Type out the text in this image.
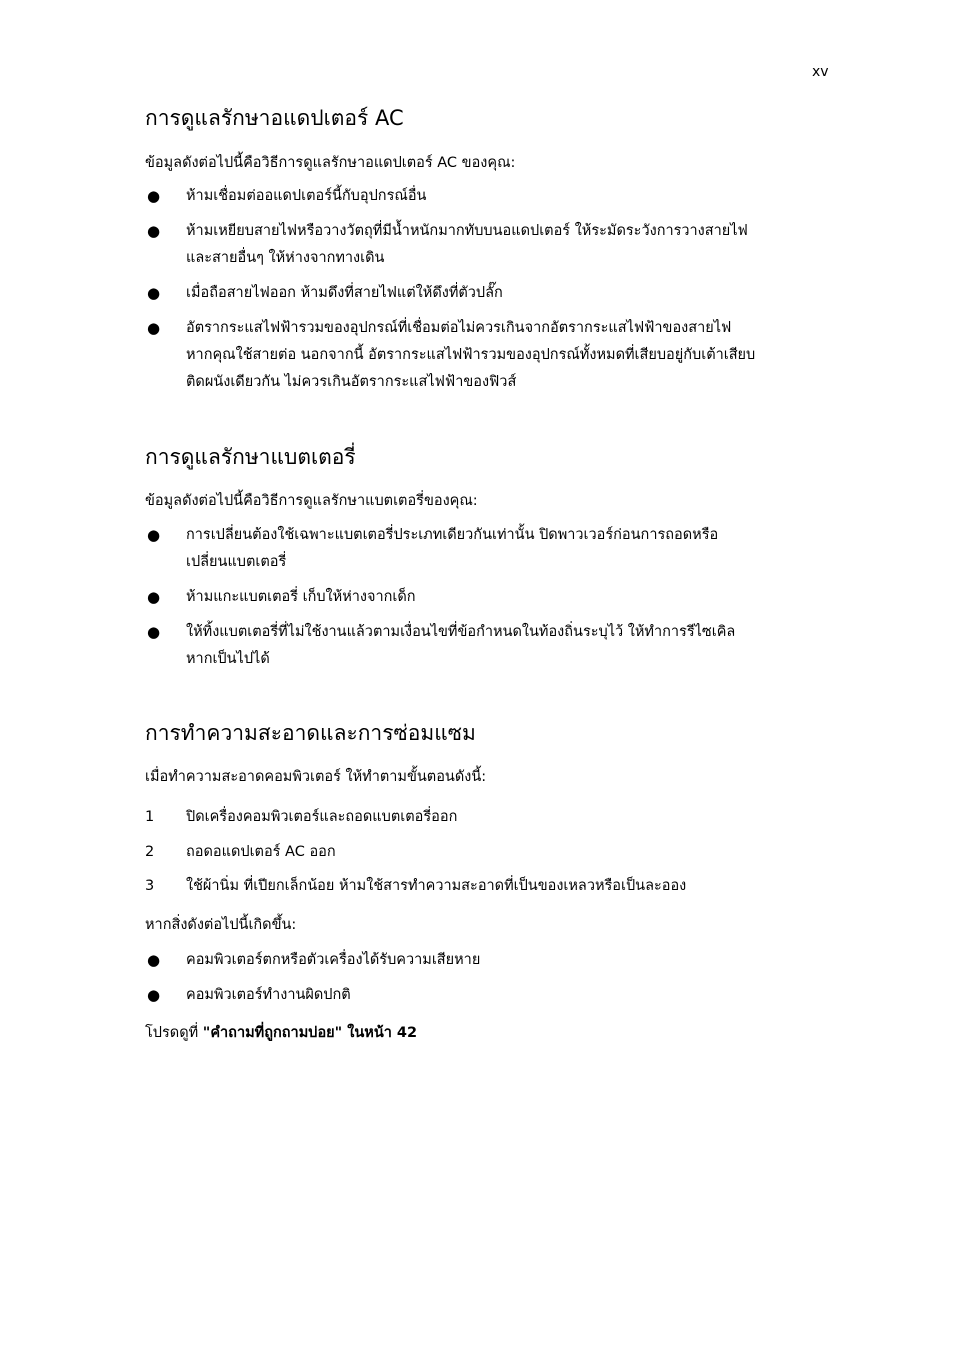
xv
การดูแลรักษาอแดปเตอร์ AC

ข้อมูลดังต่อไปนี้คือวิธีการดูแลรักษาอแดปเตอร์ AC ของคุณ:

●	ห้ามเชื่อมต่ออแดปเตอร์นี้กับอุปกรณ์อื่น
●	ห้ามเหยียบสายไฟหรือวางวัตถุที่มีน้ำหนักมากทับบนอแดปเตอร์ ให้ระมัดระวังการวางสายไฟ
และสายอื่นๆ ให้ห่างจากทางเดิน
●	เมื่อถือสายไฟออก ห้ามดึงที่สายไฟแต่ให้ดึงที่ตัวปลั๊ก
●	อัตรากระแสไฟฟ้ารวมของอุปกรณ์ที่เชื่อมต่อไม่ควรเกินจากอัตรากระแสไฟฟ้าของสายไฟ
หากคุณใช้สายต่อ นอกจากนี้ อัตรากระแสไฟฟ้ารวมของอุปกรณ์ทั้งหมดที่เสียบอยู่กับเต้าเสียบ
ติดผนังเดียวกัน ไม่ควรเกินอัตรากระแสไฟฟ้าของฟิวส์
การดูแลรักษาแบตเตอรี่

ข้อมูลดังต่อไปนี้คือวิธีการดูแลรักษาแบตเตอรี่ของคุณ:

●	การเปลี่ยนต้องใช้เฉพาะแบตเตอรี่ประเภทเดียวกันเท่านั้น ปิดพาวเวอร์ก่อนการถอดหรือ
เปลี่ยนแบตเตอรี่
●	ห้ามแกะแบตเตอรี่ เก็บให้ห่างจากเด็ก
●	ให้ทิ้งแบตเตอรี่ที่ไม่ใช้งานแล้วตามเงื่อนไขที่ข้อกำหนดในท้องถิ่นระบุไว้ ให้ทำการรีไซเคิล
หากเป็นไปได้
การทำความสะอาดและการซ่อมแซม

เมื่อทำความสะอาดคอมพิวเตอร์ ให้ทำตามขั้นตอนดังนี้:

1	ปิดเครื่องคอมพิวเตอร์และถอดแบตเตอรี่ออก
2	ถอดอแดปเตอร์ AC ออก
3	ใช้ผ้านิ่ม ที่เปียกเล็กน้อย ห้ามใช้สารทำความสะอาดที่เป็นของเหลวหรือเป็นละออง

หากสิ่งดังต่อไปนี้เกิดขึ้น:

●	คอมพิวเตอร์ตกหรือตัวเครื่องได้รับความเสียหาย
●	คอมพิวเตอร์ทำงานผิดปกติ

โปรดดูที่ "คำถามที่ถูกถามบ่อย" ในหน้า 42
